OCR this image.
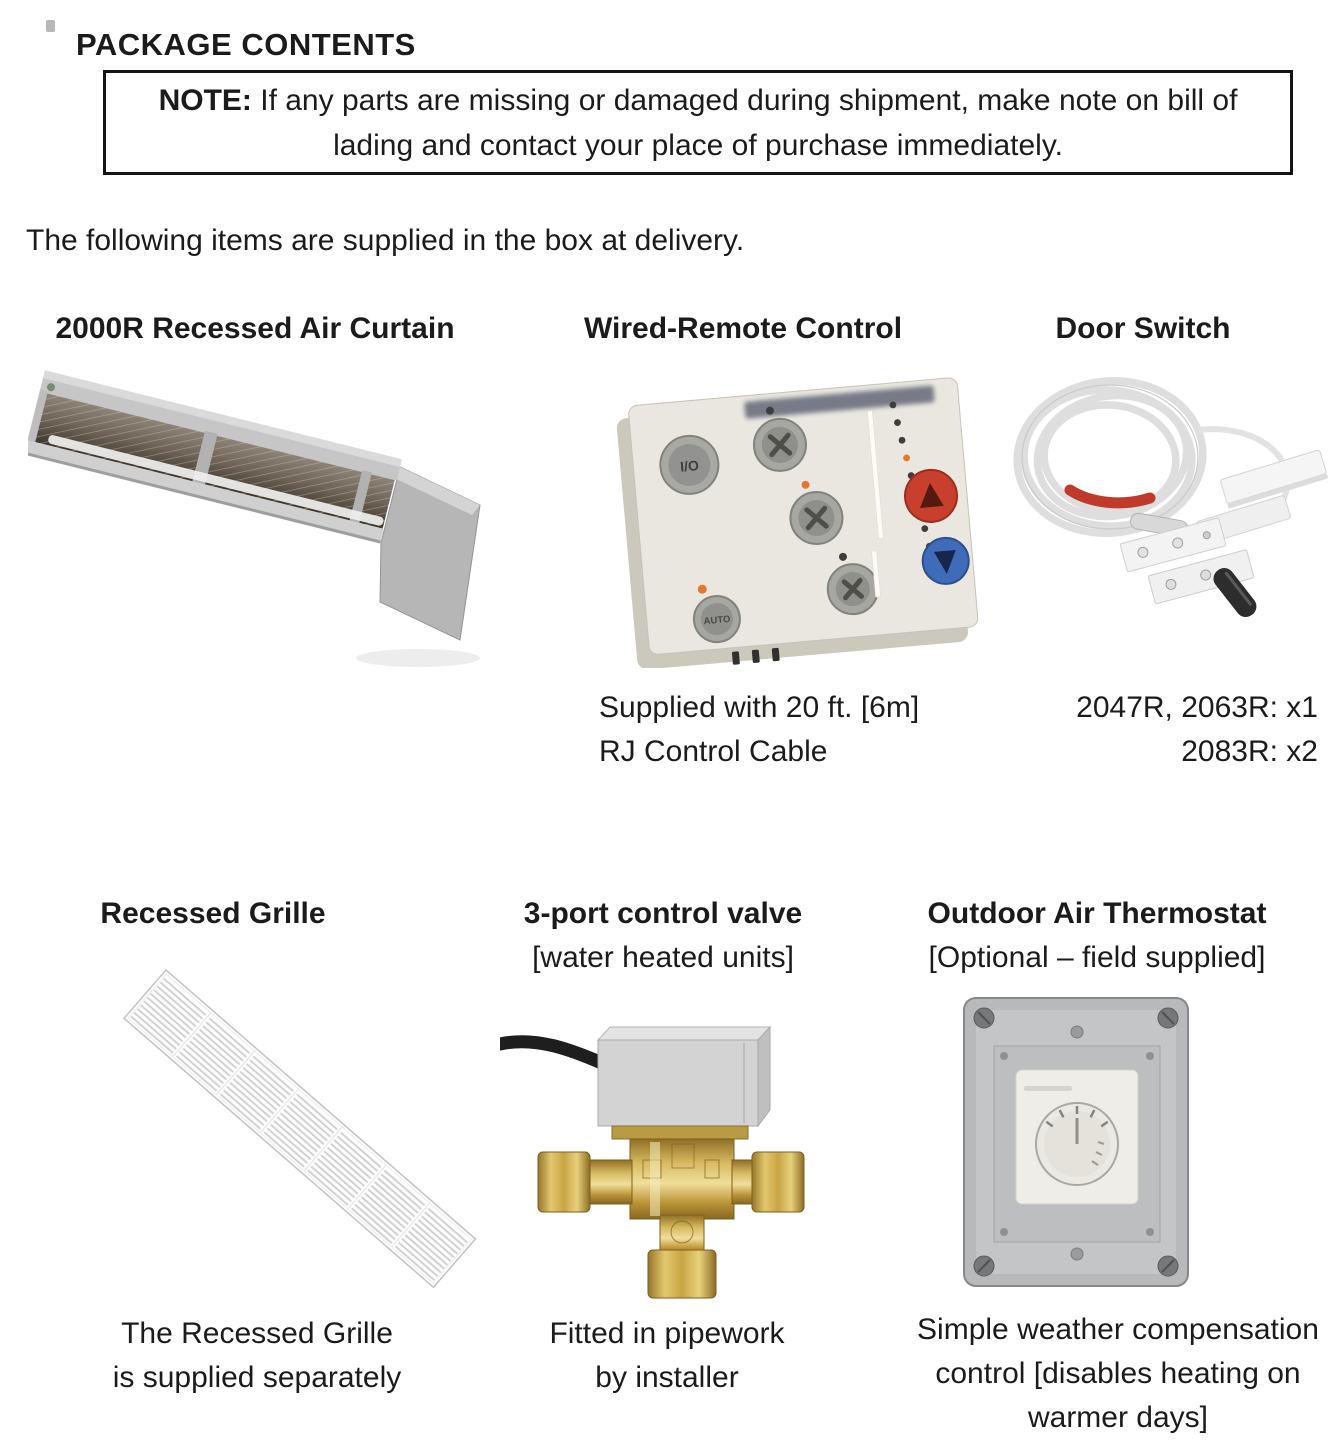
PACKAGE CONTENTS

NOTE: If any parts are missing or damaged during shipment, make note on bill of lading and contact your place of purchase immediately.

The following items are supplied in the box at delivery.

2000R Recessed Air Curtain	Wired-Remote Control	Door Switch
I/O
AUTO
Supplied with 20 ft. [6m]
RJ Control Cable
2047R, 2063R: x1
2083R: x2
Recessed Grille	3-port control valve
[water heated units]
Outdoor Air Thermostat
[Optional – field supplied]
The Recessed Grille
is supplied separately
Fitted in pipework
by installer
Simple weather compensation
control [disables heating on
warmer days]
